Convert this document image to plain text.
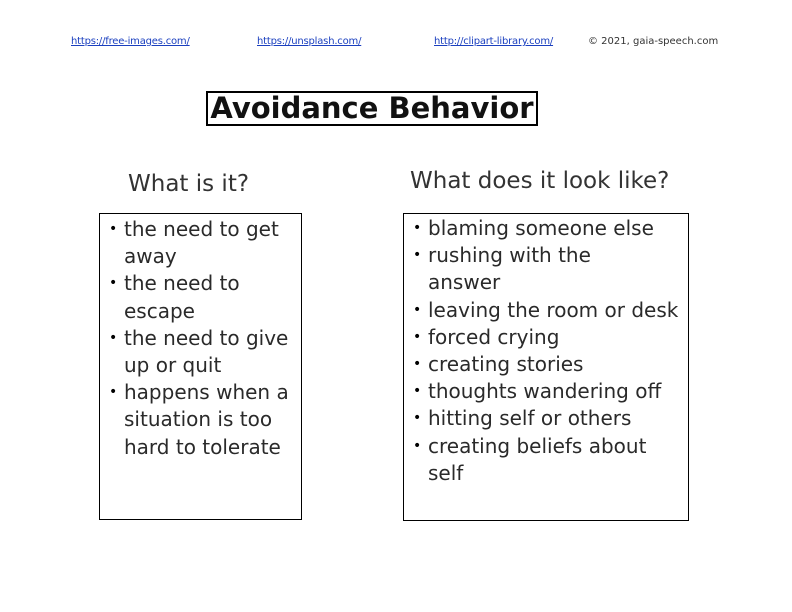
https://free-images.com/	https://unsplash.com/	http://clipart-library.com/	© 2021, gaia-speech.com
Avoidance Behavior
What is it?
• the need to get away
• the need to escape
• the need to give up or quit
• happens when a situation is too hard to tolerate
What does it look like?
• blaming someone else
• rushing with the answer
• leaving the room or desk
• forced crying
• creating stories
• thoughts wandering off
• hitting self or others
• creating beliefs about self
